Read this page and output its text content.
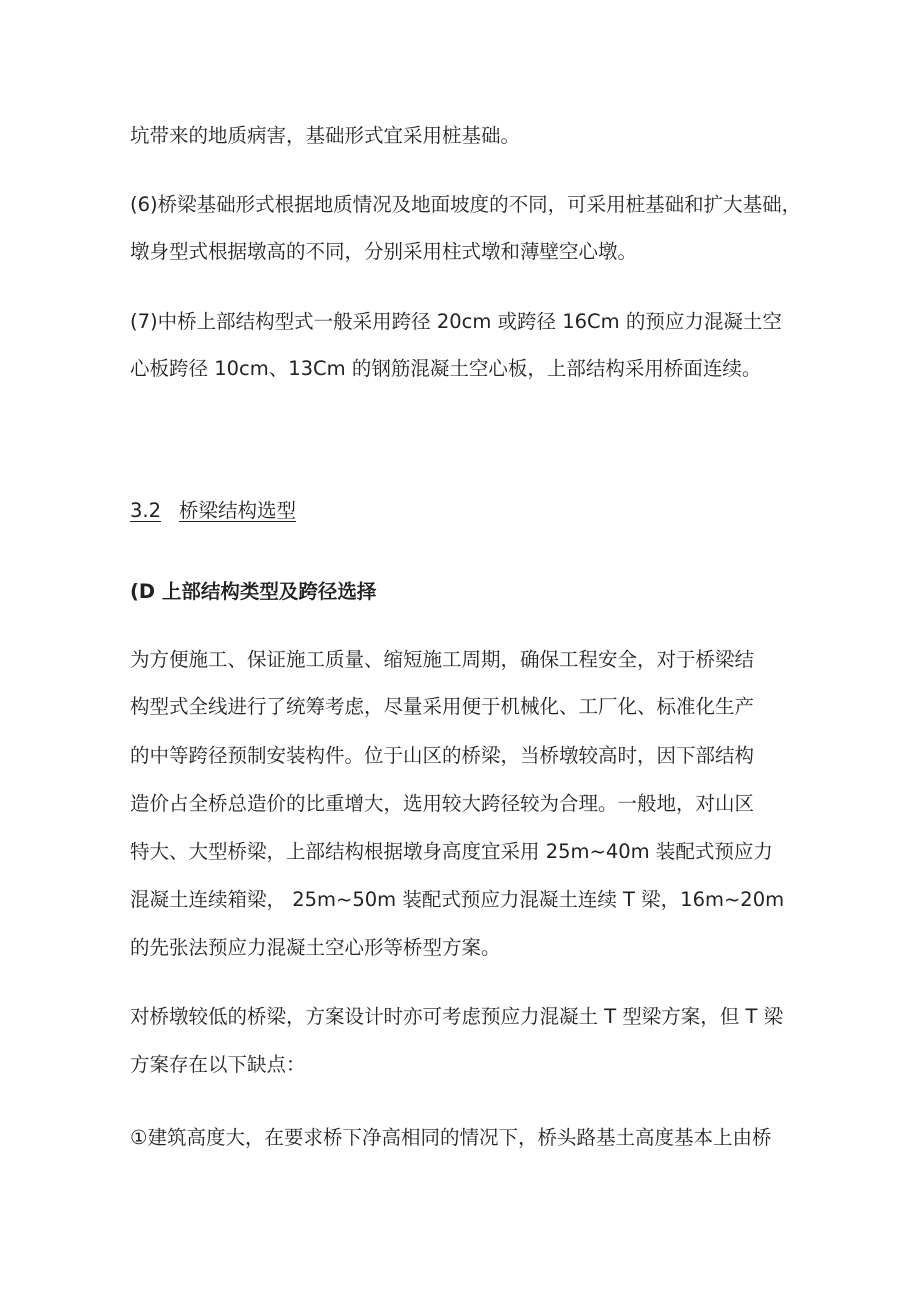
坑带来的地质病害，基础形式宜采用桩基础。
(6)桥梁基础形式根据地质情况及地面坡度的不同，可采用桩基础和扩大基础，
墩身型式根据墩高的不同，分别采用柱式墩和薄壁空心墩。
(7)中桥上部结构型式一般采用跨径 20cm 或跨径 16Cm 的预应力混凝土空
心板跨径 10cm、13Cm 的钢筋混凝土空心板，上部结构采用桥面连续。
3.2 桥梁结构选型
(D 上部结构类型及跨径选择
为方便施工、保证施工质量、缩短施工周期，确保工程安全，对于桥梁结
构型式全线进行了统筹考虑，尽量采用便于机械化、工厂化、标准化生产
的中等跨径预制安装构件。位于山区的桥梁，当桥墩较高时，因下部结构
造价占全桥总造价的比重增大，选用较大跨径较为合理。一般地，对山区
特大、大型桥梁，上部结构根据墩身高度宜采用 25m~40m 装配式预应力
混凝土连续箱梁， 25m~50m 装配式预应力混凝土连续 T 梁，16m~20m
的先张法预应力混凝土空心形等桥型方案。
对桥墩较低的桥梁，方案设计时亦可考虑预应力混凝土 T 型梁方案，但 T 梁
方案存在以下缺点：
①建筑高度大，在要求桥下净高相同的情况下，桥头路基土高度基本上由桥
